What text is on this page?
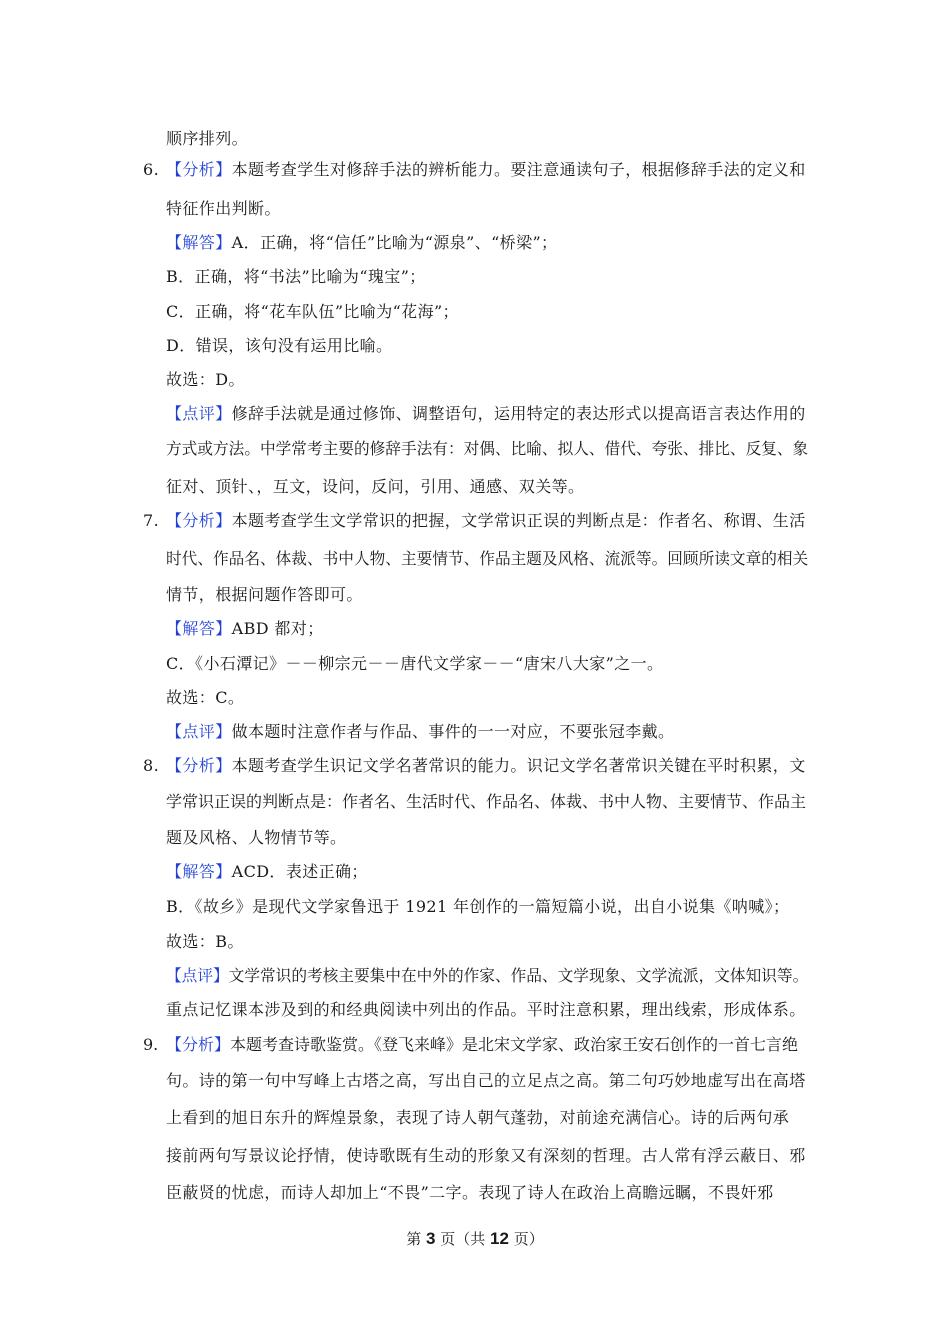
顺序排列。
6. 【分析】本题考查学生对修辞手法的辨析能力。要注意通读句子，根据修辞手法的定义和
特征作出判断。
【解答】A．正确，将“信任”比喻为“源泉”、“桥梁”；
B．正确，将“书法”比喻为“瑰宝”；
C．正确，将“花车队伍”比喻为“花海”；
D．错误，该句没有运用比喻。
故选：D。
【点评】修辞手法就是通过修饰、调整语句，运用特定的表达形式以提高语言表达作用的
方式或方法。中学常考主要的修辞手法有：对偶、比喻、拟人、借代、夸张、排比、反复、象
征对、顶针、，互文，设问，反问，引用、通感、双关等。
7. 【分析】本题考查学生文学常识的把握，文学常识正误的判断点是：作者名、称谓、生活
时代、作品名、体裁、书中人物、主要情节、作品主题及风格、流派等。回顾所读文章的相关
情节，根据问题作答即可。
【解答】ABD 都对；
C．《小石潭记》－－柳宗元－－唐代文学家－－“唐宋八大家”之一。
故选：C。
【点评】做本题时注意作者与作品、事件的一一对应，不要张冠李戴。
8. 【分析】本题考查学生识记文学名著常识的能力。识记文学名著常识关键在平时积累，文
学常识正误的判断点是：作者名、生活时代、作品名、体裁、书中人物、主要情节、作品主
题及风格、人物情节等。
【解答】ACD．表述正确；
B．《故乡》是现代文学家鲁迅于 1921 年创作的一篇短篇小说，出自小说集《呐喊》；
故选：B。
【点评】文学常识的考核主要集中在中外的作家、作品、文学现象、文学流派，文体知识等。
重点记忆课本涉及到的和经典阅读中列出的作品。平时注意积累，理出线索，形成体系。
9. 【分析】本题考查诗歌鉴赏。《登飞来峰》是北宋文学家、政治家王安石创作的一首七言绝
句。诗的第一句中写峰上古塔之高，写出自己的立足点之高。第二句巧妙地虚写出在高塔
上看到的旭日东升的辉煌景象，表现了诗人朝气蓬勃，对前途充满信心。诗的后两句承
接前两句写景议论抒情，使诗歌既有生动的形象又有深刻的哲理。古人常有浮云蔽日、邪
臣蔽贤的忧虑，而诗人却加上“不畏”二字。表现了诗人在政治上高瞻远瞩，不畏奸邪
第 3 页（共 12 页）
